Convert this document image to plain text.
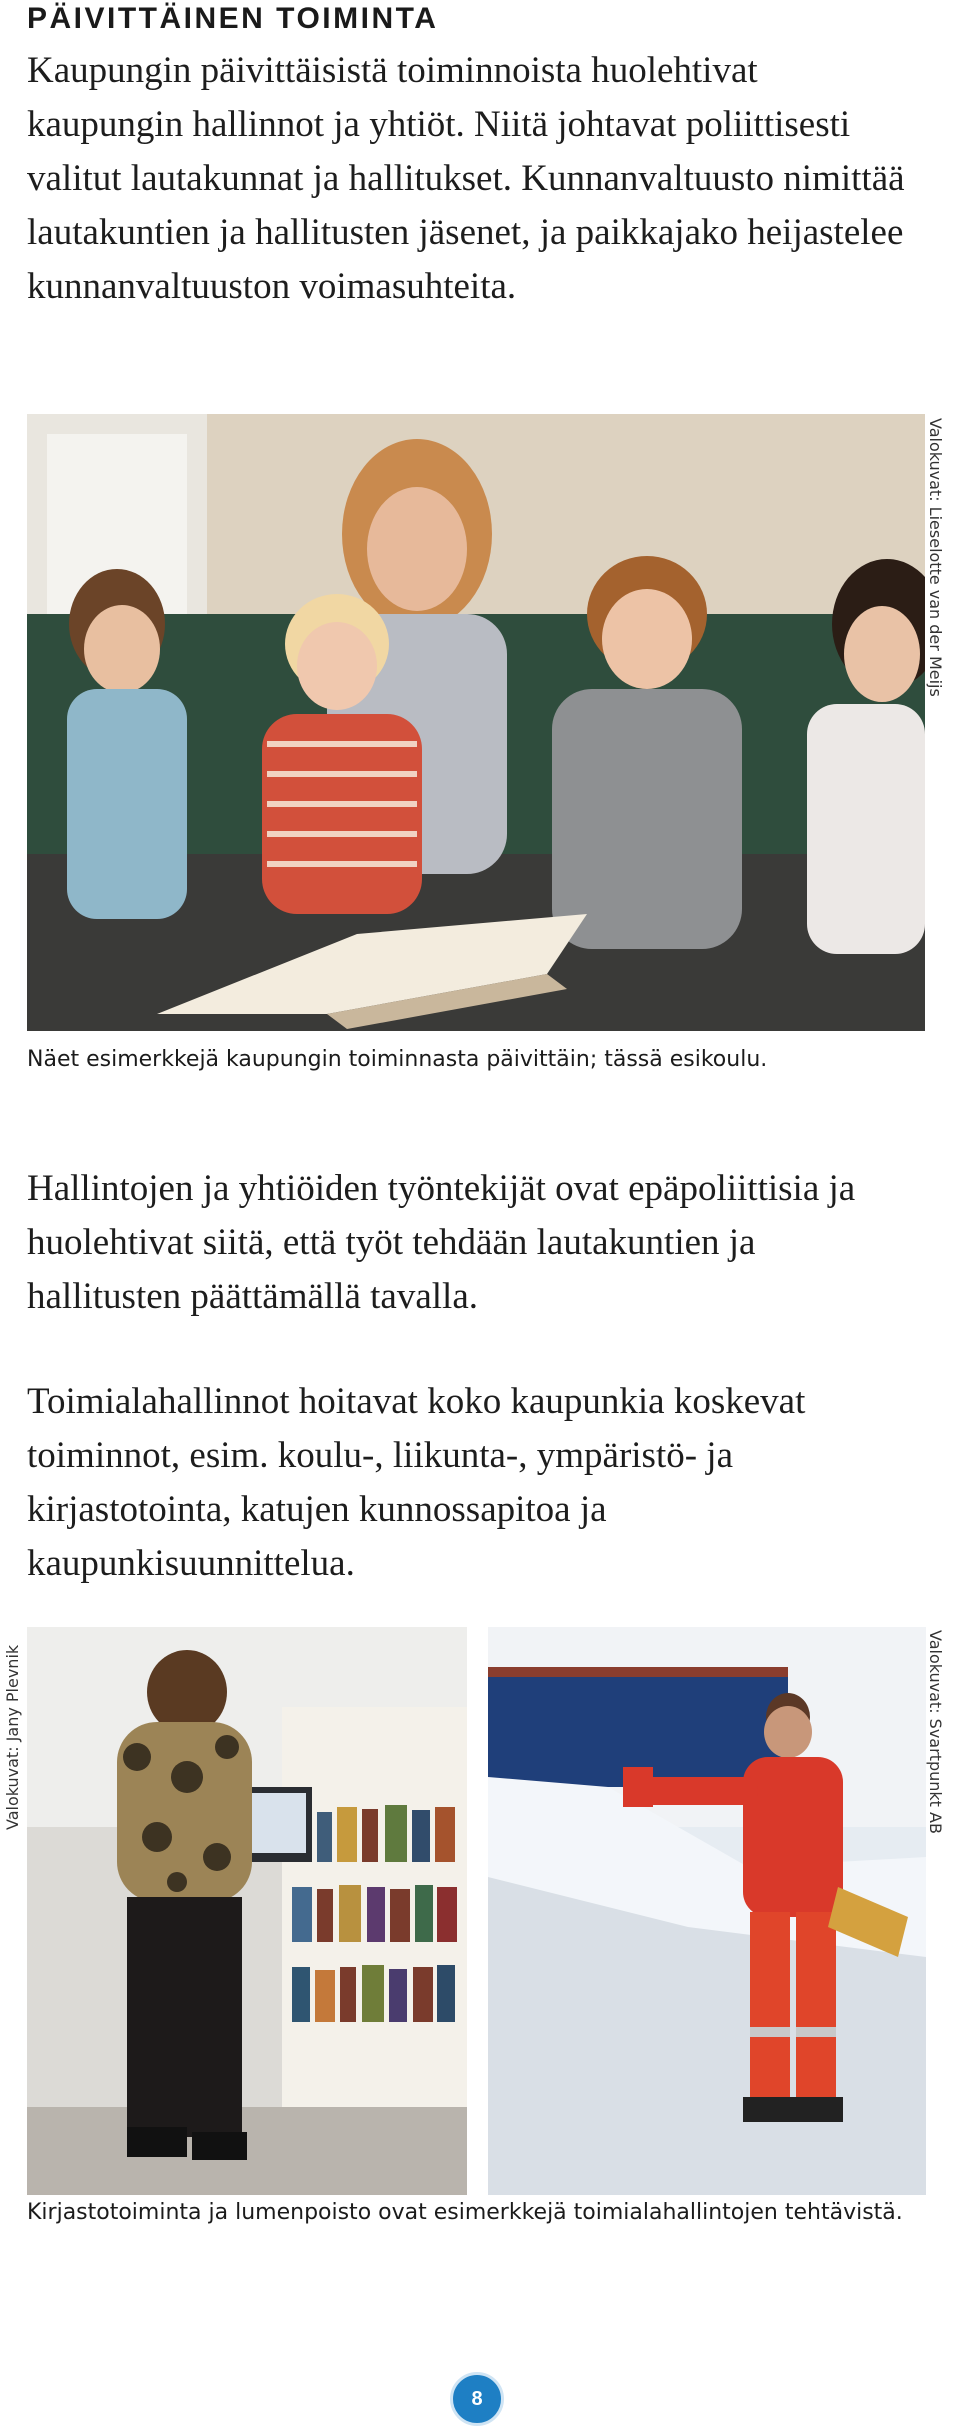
PÄIVITTÄINEN TOIMINTA

Kaupungin päivittäisistä toiminnoista huolehtivat kaupungin hallinnot ja yhtiöt. Niitä johtavat poliittisesti valitut lautakunnat ja hallitukset. Kunnanvaltuusto nimittää lautakuntien ja hallitusten jäsenet, ja paikkajako heijastelee kunnanvaltuuston voimasuhteita.

Valokuvat: Lieselotte van der Meijs

Näet esimerkkejä kaupungin toiminnasta päivittäin; tässä esikoulu.

Hallintojen ja yhtiöiden työntekijät ovat epäpoliittisia ja huolehtivat siitä, että työt tehdään lautakuntien ja hallitusten päättämällä tavalla.

Toimialahallinnot hoitavat koko kaupunkia koskevat toiminnot, esim. koulu-, liikunta-, ympäristö- ja kirjastotointa, katujen kunnossapitoa ja kaupunkisuunnittelua.

Valokuvat: Jany Plevnik	Valokuvat: Svartpunkt AB

Kirjastotoiminta ja lumenpoisto ovat esimerkkejä toimialahallintojen tehtävistä.

8
